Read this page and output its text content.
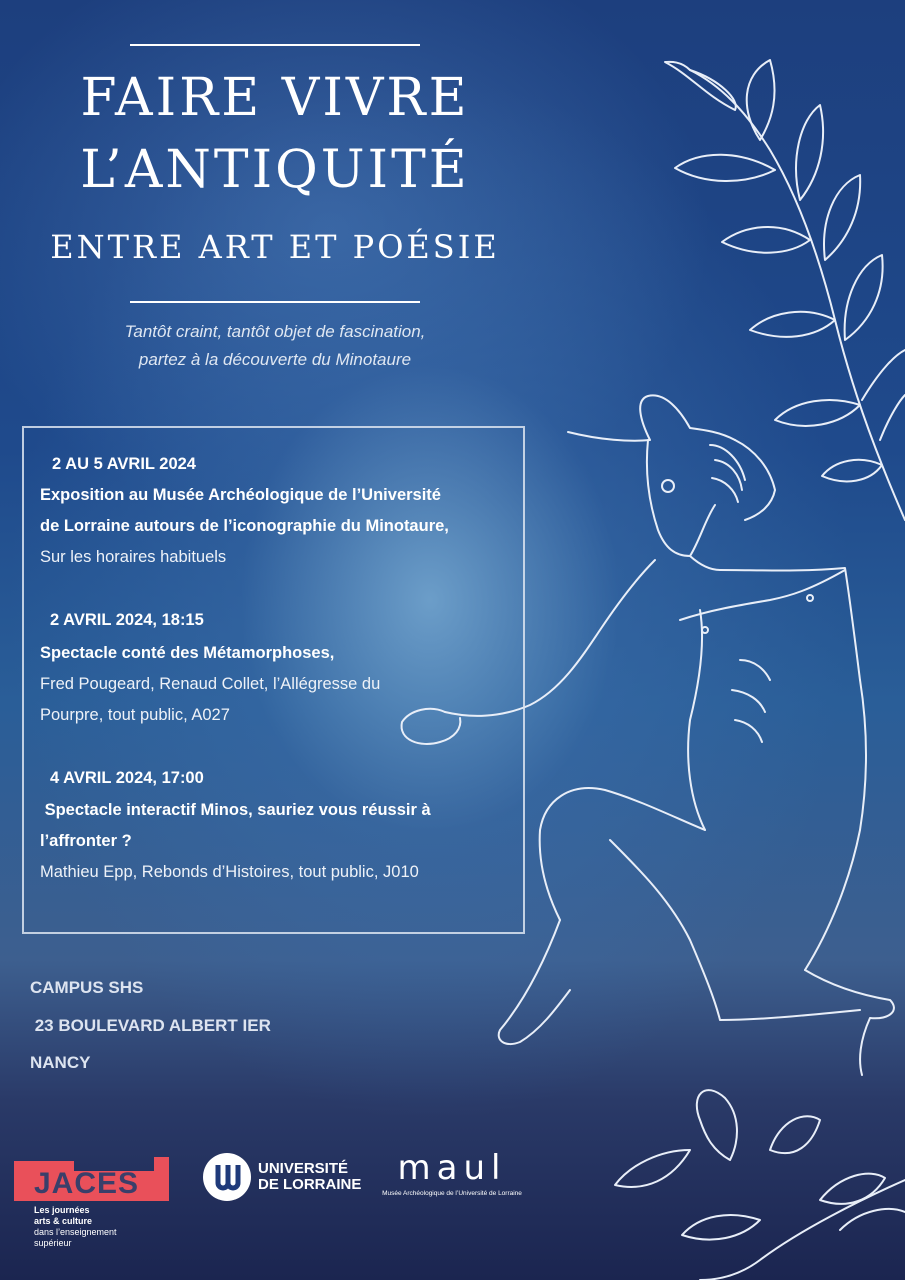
FAIRE VIVRE
L’ANTIQUITÉ
ENTRE ART ET POÉSIE
Tantôt craint, tantôt objet de fascination,
partez à la découverte du Minotaure
2 AU 5 AVRIL 2024
Exposition au Musée Archéologique de l’Université
de Lorraine autours de l’iconographie du Minotaure,
Sur les horaires habituels
2 AVRIL 2024, 18:15
Spectacle conté des Métamorphoses,
Fred Pougeard, Renaud Collet, l’Allégresse du
Pourpre, tout public, A027
4 AVRIL 2024, 17:00
Spectacle interactif Minos, sauriez vous réussir à
l’affronter ?
Mathieu Epp, Rebonds d’Histoires, tout public, J010
CAMPUS SHS
23 BOULEVARD ALBERT IER
NANCY
JACES
Les journées
arts & culture
dans l’enseignement
supérieur
UNIVERSITÉ
DE LORRAINE	maul
Musée Archéologique de l’Université de Lorraine
